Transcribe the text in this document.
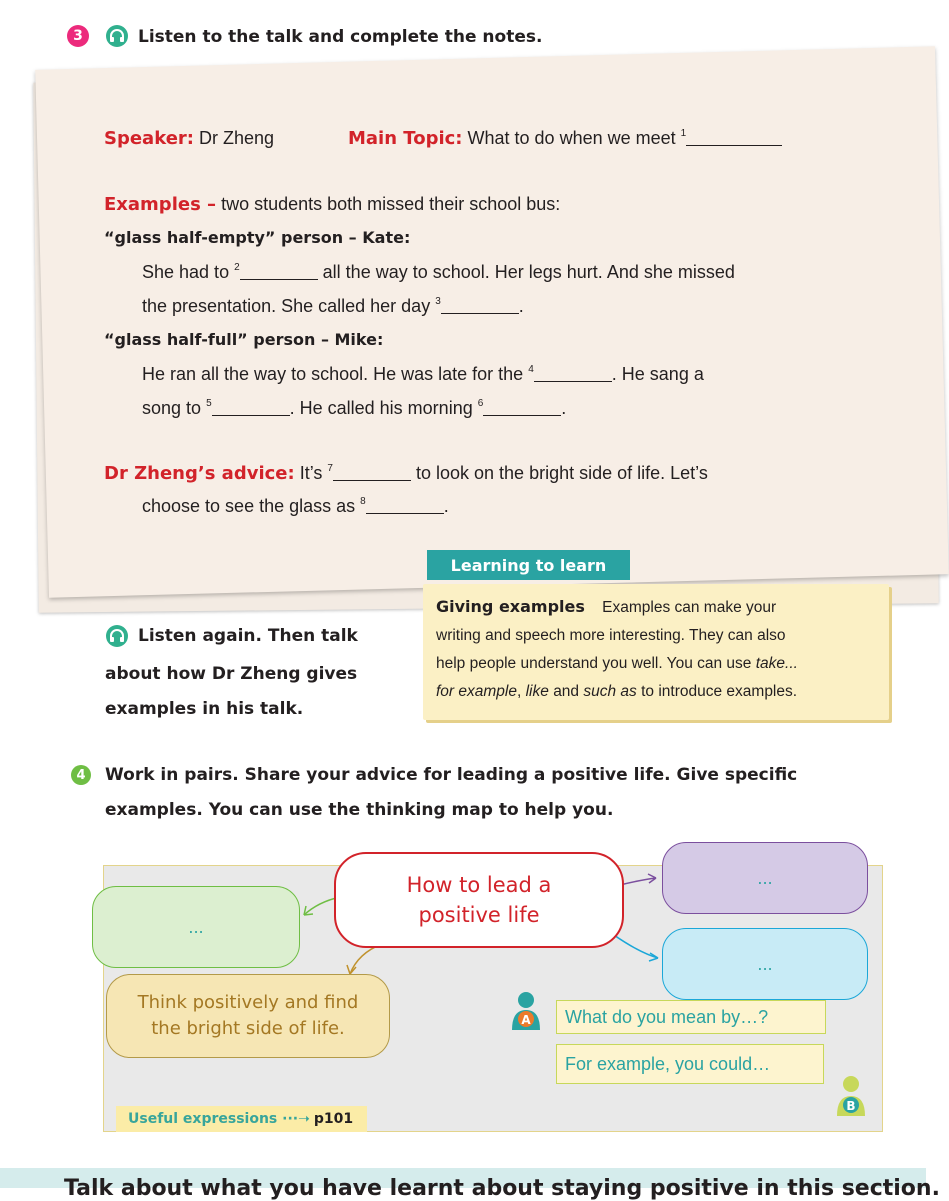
3	Listen to the talk and complete the notes.
Speaker: Dr Zheng	Main Topic: What to do when we meet $^1$
Examples – two students both missed their school bus:
“glass half-empty” person – Kate:
She had to $^2$	all the way to school. Her legs hurt. And she missed
the presentation. She called her day $^3$	.
“glass half-full” person – Mike:
He ran all the way to school. He was late for the $^4$	. He sang a
song to $^5$	. He called his morning $^6$	.
Dr Zheng’s advice: It’s $^7$	to look on the bright side of life. Let’s
choose to see the glass as $^8$	.
Listen again. Then talk
about how Dr Zheng gives
examples in his talk.
Learning to learn
Giving examples Examples can make your
writing and speech more interesting. They can also
help people understand you well. You can use take...
for example, like and such as to introduce examples.
4 Work in pairs. Share your advice for leading a positive life. Give specific
examples. You can use the thinking map to help you.
...
...
...
Think positively and find
the bright side of life.
How to lead a
positive life
A	What do you mean by…?
For example, you could…
B
Useful expressions ···➝ p101
Talk about what you have learnt about staying positive in this section.
